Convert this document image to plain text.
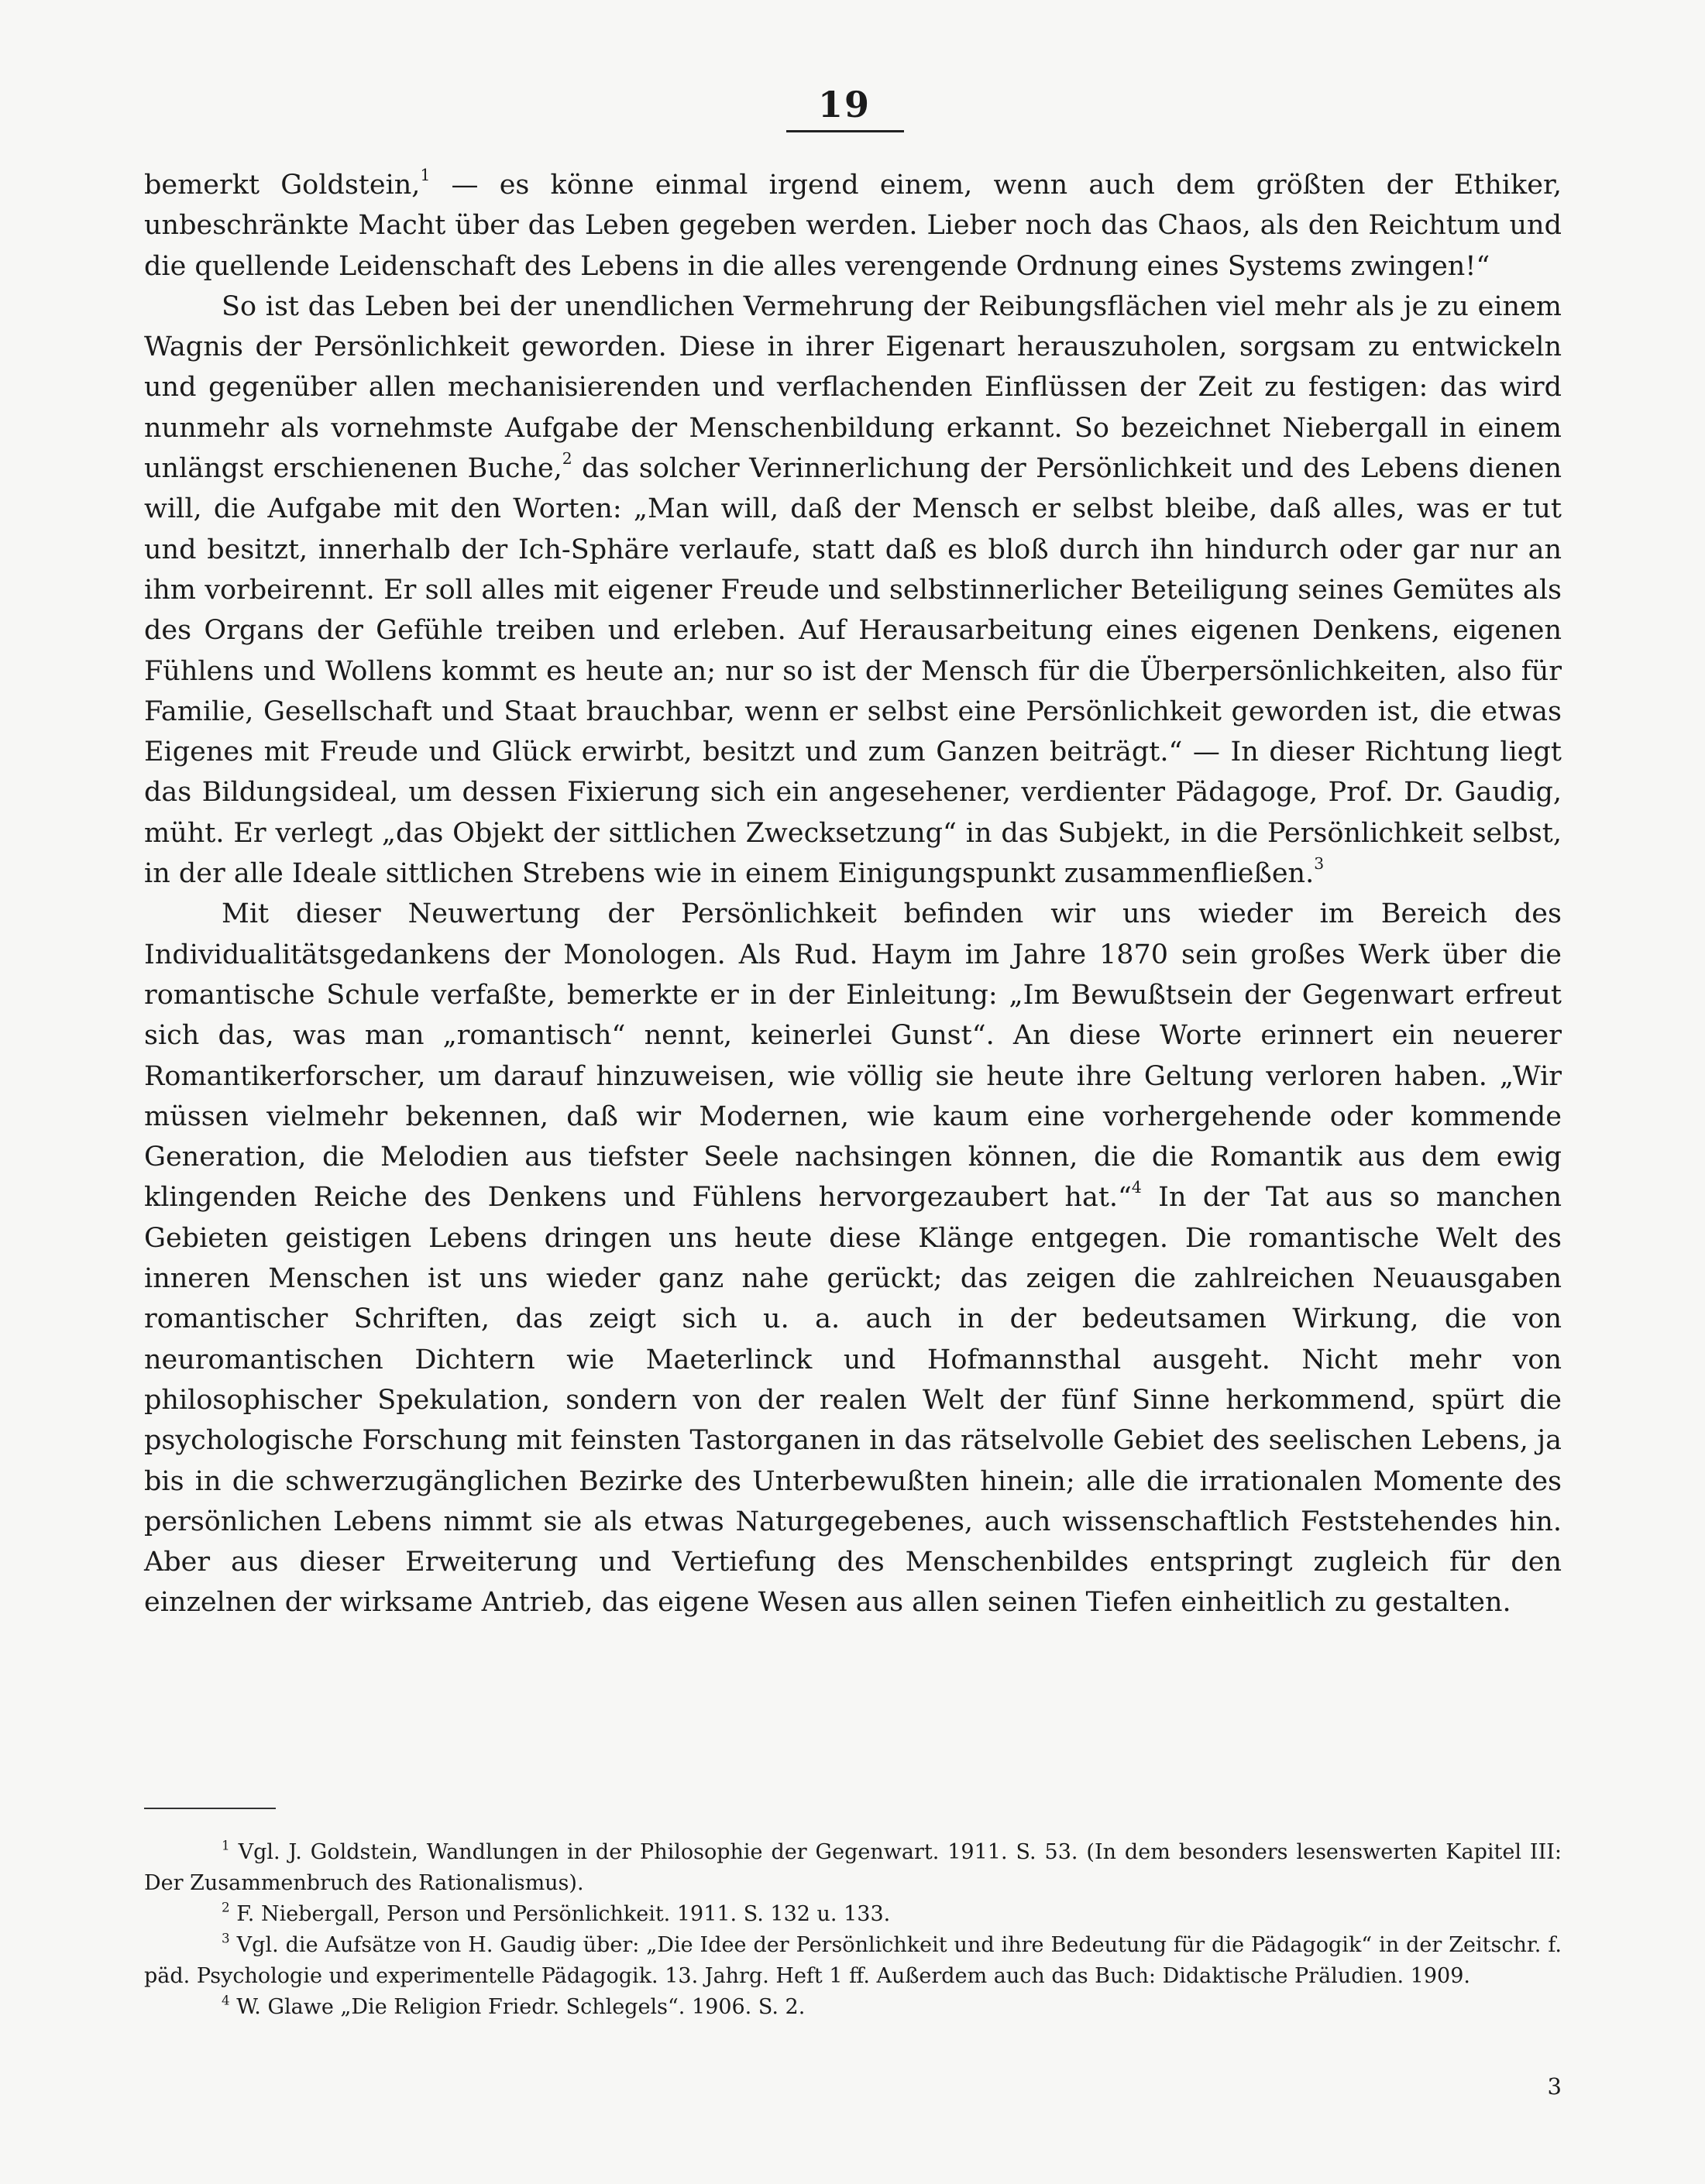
19

bemerkt Goldstein,$^1$ — es könne einmal irgend einem, wenn auch dem größten der Ethiker, unbeschränkte Macht über das Leben gegeben werden. Lieber noch das Chaos, als den Reichtum und die quellende Leidenschaft des Lebens in die alles verengende Ordnung eines Systems zwingen!“

So ist das Leben bei der unendlichen Vermehrung der Reibungsflächen viel mehr als je zu einem Wagnis der Persönlichkeit geworden. Diese in ihrer Eigenart herauszuholen, sorgsam zu entwickeln und gegenüber allen mechanisierenden und verflachenden Einflüssen der Zeit zu festigen: das wird nunmehr als vornehmste Aufgabe der Menschenbildung erkannt. So bezeichnet Niebergall in einem unlängst erschienenen Buche,$^2$ das solcher Verinnerlichung der Persönlichkeit und des Lebens dienen will, die Aufgabe mit den Worten: „Man will, daß der Mensch er selbst bleibe, daß alles, was er tut und besitzt, innerhalb der Ich-Sphäre verlaufe, statt daß es bloß durch ihn hindurch oder gar nur an ihm vorbeirennt. Er soll alles mit eigener Freude und selbstinnerlicher Beteiligung seines Gemütes als des Organs der Gefühle treiben und erleben. Auf Herausarbeitung eines eigenen Denkens, eigenen Fühlens und Wollens kommt es heute an; nur so ist der Mensch für die Überpersönlichkeiten, also für Familie, Gesellschaft und Staat brauchbar, wenn er selbst eine Persönlichkeit geworden ist, die etwas Eigenes mit Freude und Glück erwirbt, besitzt und zum Ganzen beiträgt.“ — In dieser Richtung liegt das Bildungsideal, um dessen Fixierung sich ein angesehener, verdienter Pädagoge, Prof. Dr. Gaudig, müht. Er verlegt „das Objekt der sittlichen Zwecksetzung“ in das Subjekt, in die Persönlichkeit selbst, in der alle Ideale sittlichen Strebens wie in einem Einigungspunkt zusammenfließen.$^3$

Mit dieser Neuwertung der Persönlichkeit befinden wir uns wieder im Bereich des Individualitätsgedankens der Monologen. Als Rud. Haym im Jahre 1870 sein großes Werk über die romantische Schule verfaßte, bemerkte er in der Einleitung: „Im Bewußtsein der Gegenwart erfreut sich das, was man „romantisch“ nennt, keinerlei Gunst“. An diese Worte erinnert ein neuerer Romantikerforscher, um darauf hinzuweisen, wie völlig sie heute ihre Geltung verloren haben. „Wir müssen vielmehr bekennen, daß wir Modernen, wie kaum eine vorhergehende oder kommende Generation, die Melodien aus tiefster Seele nachsingen können, die die Romantik aus dem ewig klingenden Reiche des Denkens und Fühlens hervorgezaubert hat.“$^4$ In der Tat aus so manchen Gebieten geistigen Lebens dringen uns heute diese Klänge entgegen. Die romantische Welt des inneren Menschen ist uns wieder ganz nahe gerückt; das zeigen die zahlreichen Neuausgaben romantischer Schriften, das zeigt sich u. a. auch in der bedeutsamen Wirkung, die von neuromantischen Dichtern wie Maeterlinck und Hofmannsthal ausgeht. Nicht mehr von philosophischer Spekulation, sondern von der realen Welt der fünf Sinne herkommend, spürt die psychologische Forschung mit feinsten Tastorganen in das rätselvolle Gebiet des seelischen Lebens, ja bis in die schwerzugänglichen Bezirke des Unterbewußten hinein; alle die irrationalen Momente des persönlichen Lebens nimmt sie als etwas Naturgegebenes, auch wissenschaftlich Feststehendes hin. Aber aus dieser Erweiterung und Vertiefung des Menschenbildes entspringt zugleich für den einzelnen der wirksame Antrieb, das eigene Wesen aus allen seinen Tiefen einheitlich zu gestalten.

$^1$ Vgl. J. Goldstein, Wandlungen in der Philosophie der Gegenwart. 1911. S. 53. (In dem besonders lesenswerten Kapitel III: Der Zusammenbruch des Rationalismus).

$^2$ F. Niebergall, Person und Persönlichkeit. 1911. S. 132 u. 133.

$^3$ Vgl. die Aufsätze von H. Gaudig über: „Die Idee der Persönlichkeit und ihre Bedeutung für die Pädagogik“ in der Zeitschr. f. päd. Psychologie und experimentelle Pädagogik. 13. Jahrg. Heft 1 ff. Außerdem auch das Buch: Didaktische Präludien. 1909.

$^4$ W. Glawe „Die Religion Friedr. Schlegels“. 1906. S. 2.

3
